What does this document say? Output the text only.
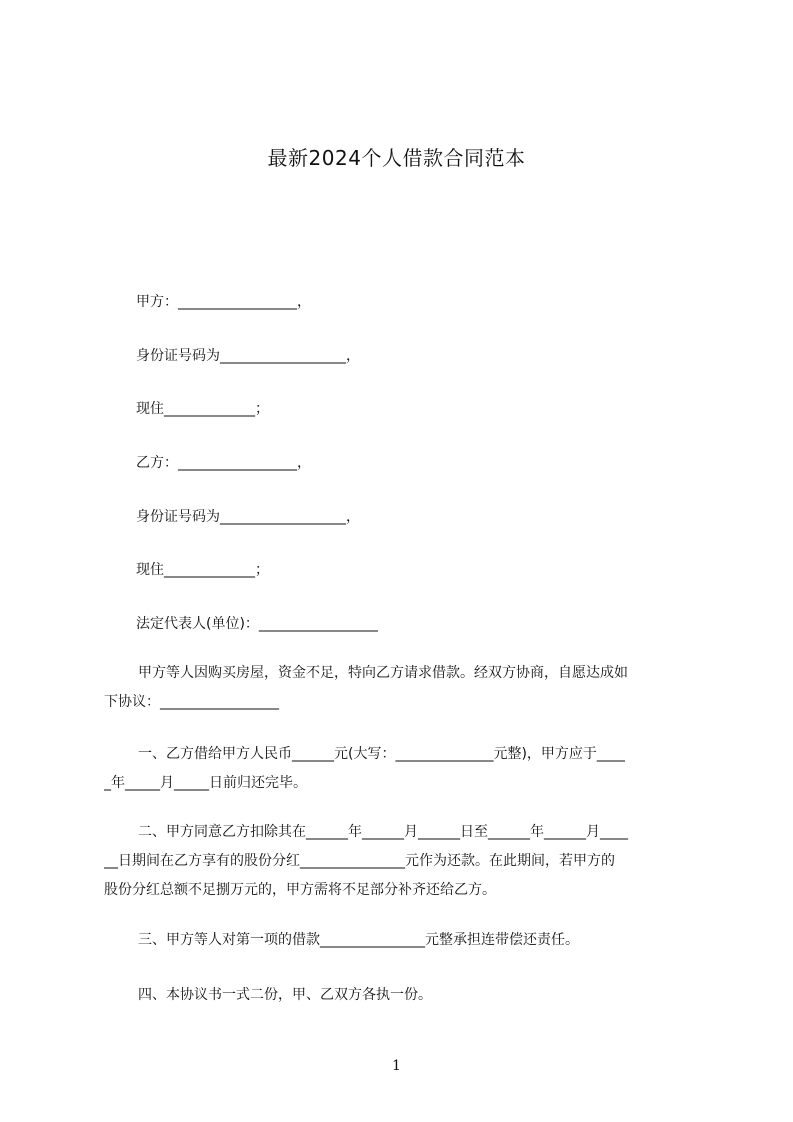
最新2024个人借款合同范本
甲方：_________________，
身份证号码为__________________，
现住_____________；
乙方：_________________，
身份证号码为__________________，
现住_____________；
法定代表人(单位)：_________________
甲方等人因购买房屋，资金不足，特向乙方请求借款。经双方协商，自愿达成如
下协议：_________________
一、乙方借给甲方人民币______元(大写：______________元整)，甲方应于____
_年_____月_____日前归还完毕。
二、甲方同意乙方扣除其在______年______月______日至______年______月____
__日期间在乙方享有的股份分红_______________元作为还款。在此期间，若甲方的
股份分红总额不足捌万元的，甲方需将不足部分补齐还给乙方。
三、甲方等人对第一项的借款_______________元整承担连带偿还责任。
四、本协议书一式二份，甲、乙双方各执一份。
1
